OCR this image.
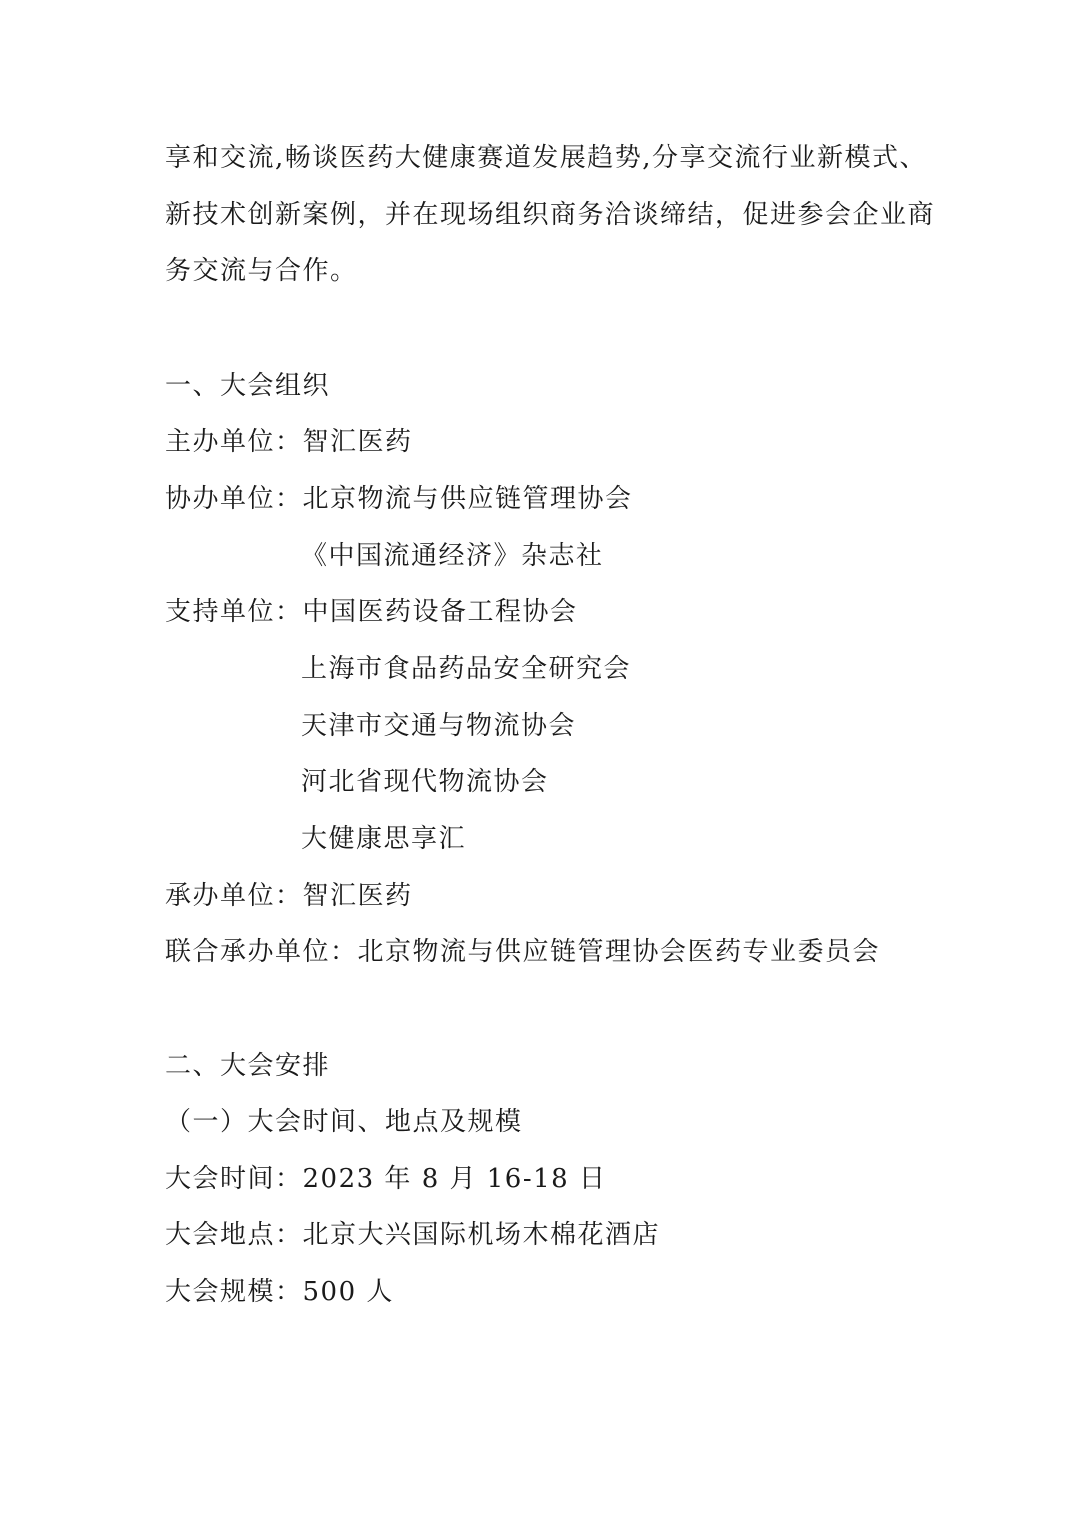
享和交流,畅谈医药大健康赛道发展趋势,分享交流行业新模式、
新技术创新案例，并在现场组织商务洽谈缔结，促进参会企业商
务交流与合作。
一、大会组织
主办单位：智汇医药
协办单位：北京物流与供应链管理协会
《中国流通经济》杂志社
支持单位：中国医药设备工程协会
上海市食品药品安全研究会
天津市交通与物流协会
河北省现代物流协会
大健康思享汇
承办单位：智汇医药
联合承办单位：北京物流与供应链管理协会医药专业委员会
二、大会安排
（一）大会时间、地点及规模
大会时间：2023 年 8 月 16-18 日
大会地点：北京大兴国际机场木棉花酒店
大会规模：500 人
